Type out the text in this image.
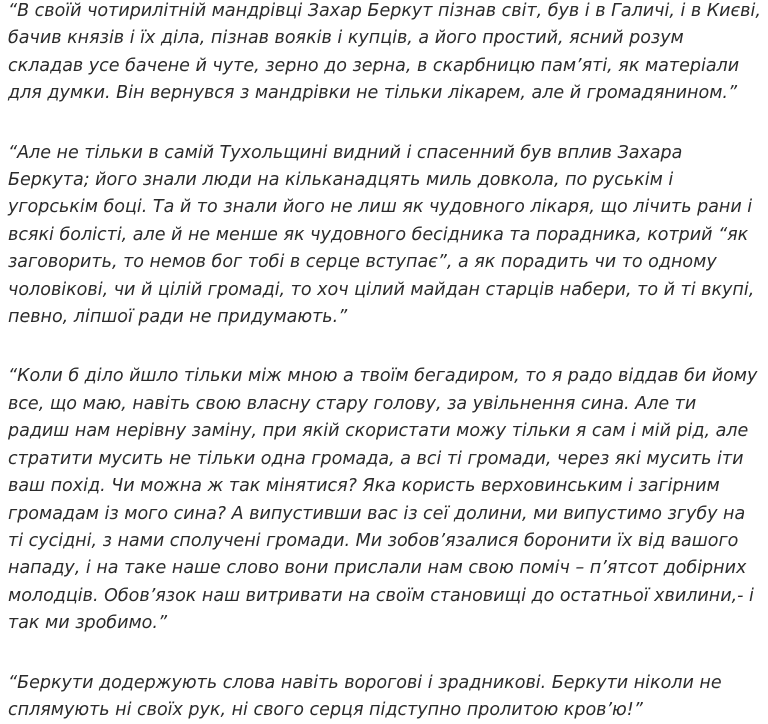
“В своїй чотирилітній мандрівці Захар Беркут пізнав світ, був і в Галичі, і в Києві, бачив князів і їх діла, пізнав вояків і купців, а його простий, ясний розум складав усе бачене й чуте, зерно до зерна, в скарбницю пам’яті, як матеріали для думки. Він вернувся з мандрівки не тільки лікарем, але й громадянином.”

“Але не тільки в самій Тухольщині видний і спасенний був вплив Захара Беркута; його знали люди на кільканадцять миль довкола, по руськім і угорськім боці. Та й то знали його не лиш як чудовного лікаря, що лічить рани і всякі болісті, але й не менше як чудовного бесідника та порадника, котрий “як заговорить, то немов бог тобі в серце вступає”, а як порадить чи то одному чоловікові, чи й цілій громаді, то хоч цілий майдан старців набери, то й ті вкупі, певно, ліпшої ради не придумають.”

“Коли б діло йшло тільки між мною а твоїм бегадиром, то я радо віддав би йому все, що маю, навіть свою власну стару голову, за увільнення сина. Але ти радиш нам нерівну заміну, при якій скористати можу тільки я сам і мій рід, але стратити мусить не тільки одна громада, а всі ті громади, через які мусить іти ваш похід. Чи можна ж так мінятися? Яка користь верховинським і загірним громадам із мого сина? А випустивши вас із сеї долини, ми випустимо згубу на ті сусідні, з нами сполучені громади. Ми зобов’язалися боронити їх від вашого нападу, і на таке наше слово вони прислали нам свою поміч – п’ятсот добірних молодців. Обов’язок наш витривати на своїм становищі до остатньої хвилини,- і так ми зробимо.”

“Беркути додержують слова навіть ворогові і зрадникові. Беркути ніколи не сплямують ні своїх рук, ні свого серця підступно пролитою кров’ю!”
